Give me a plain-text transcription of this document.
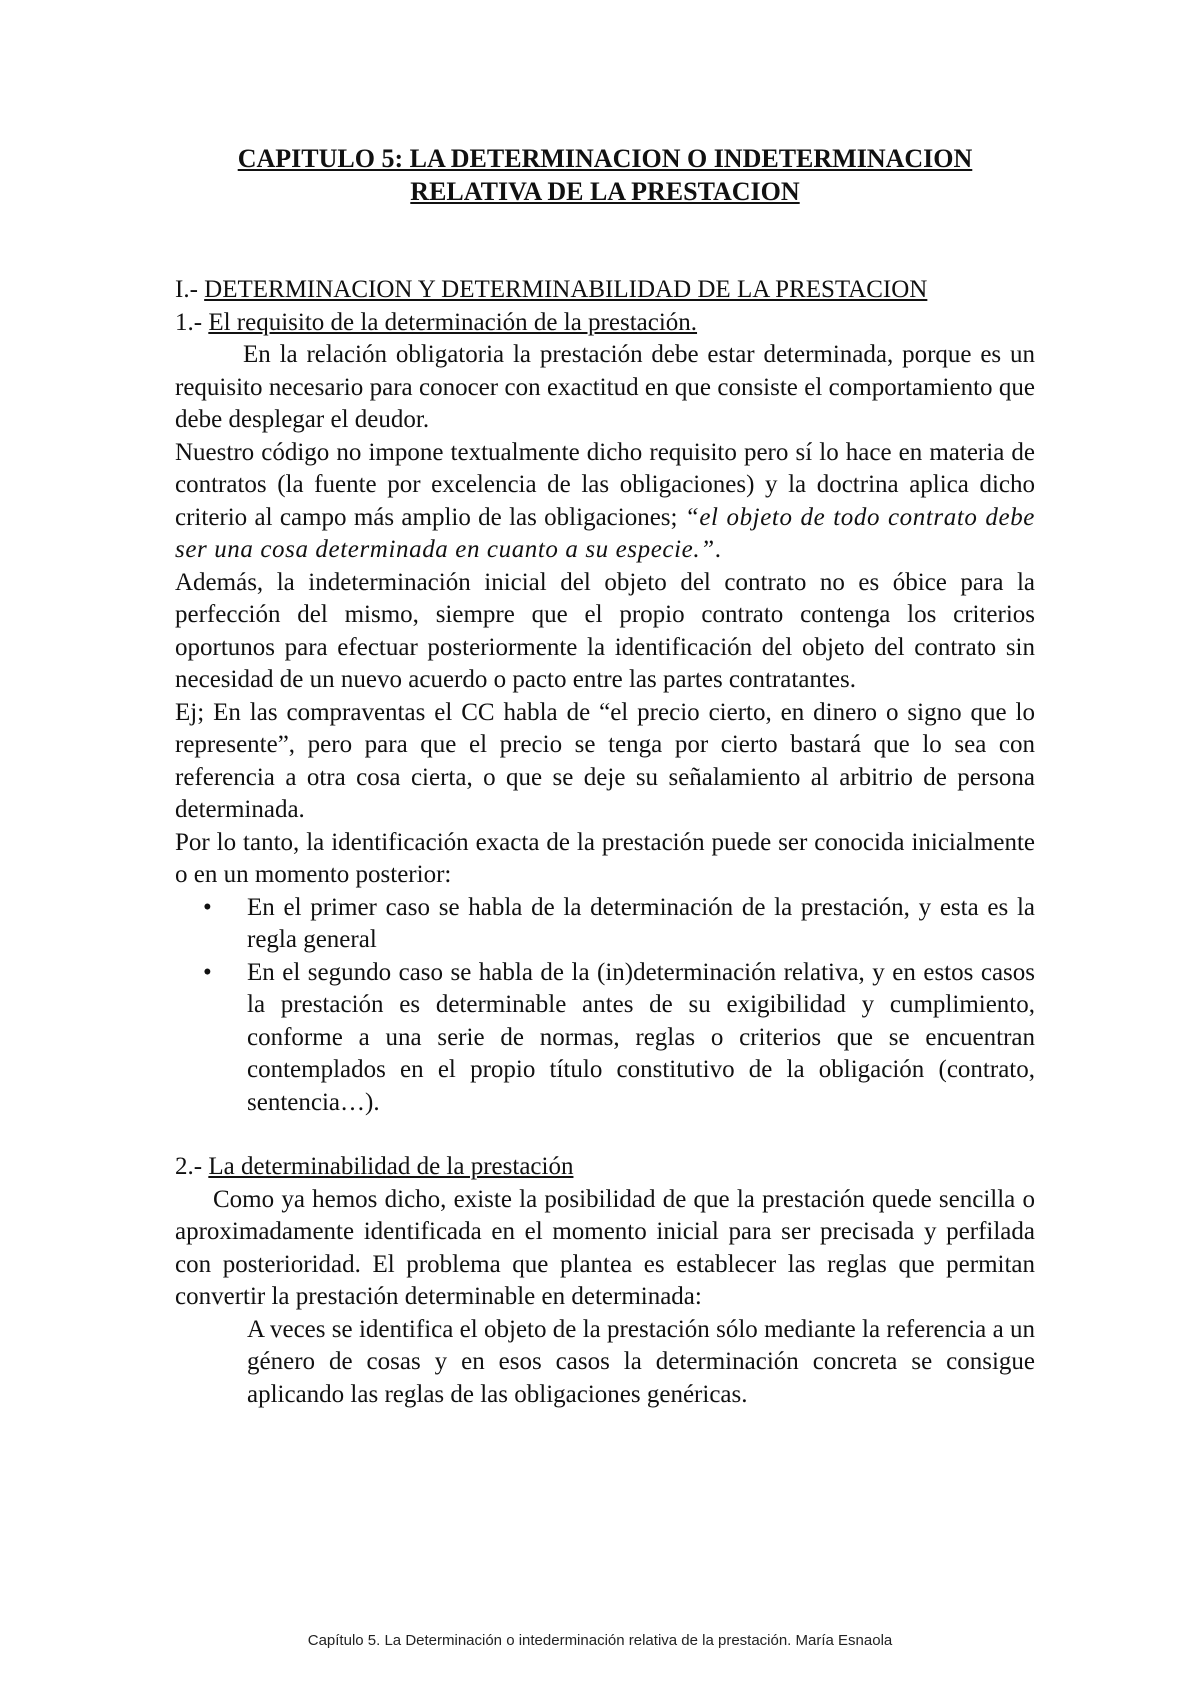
CAPITULO 5: LA DETERMINACION O INDETERMINACION
RELATIVA DE LA PRESTACION
I.- DETERMINACION Y DETERMINABILIDAD DE LA PRESTACION
1.- El requisito de la determinación de la prestación.

En la relación obligatoria la prestación debe estar determinada, porque es un requisito necesario para conocer con exactitud en que consiste el comportamiento que debe desplegar el deudor.

Nuestro código no impone textualmente dicho requisito pero sí lo hace en materia de contratos (la fuente por excelencia de las obligaciones) y la doctrina aplica dicho criterio al campo más amplio de las obligaciones; “el objeto de todo contrato debe ser una cosa determinada en cuanto a su especie.”.

Además, la indeterminación inicial del objeto del contrato no es óbice para la perfección del mismo, siempre que el propio contrato contenga los criterios oportunos para efectuar posteriormente la identificación del objeto del contrato sin necesidad de un nuevo acuerdo o pacto entre las partes contratantes.

Ej; En las compraventas el CC habla de “el precio cierto, en dinero o signo que lo represente”, pero para que el precio se tenga por cierto bastará que lo sea con referencia a otra cosa cierta, o que se deje su señalamiento al arbitrio de persona determinada.

Por lo tanto, la identificación exacta de la prestación puede ser conocida inicialmente o en un momento posterior:

• En el primer caso se habla de la determinación de la prestación, y esta es la regla general
• En el segundo caso se habla de la (in)determinación relativa, y en estos casos la prestación es determinable antes de su exigibilidad y cumplimiento, conforme a una serie de normas, reglas o criterios que se encuentran contemplados en el propio título constitutivo de la obligación (contrato, sentencia…).
2.- La determinabilidad de la prestación

Como ya hemos dicho, existe la posibilidad de que la prestación quede sencilla o aproximadamente identificada en el momento inicial para ser precisada y perfilada con posterioridad. El problema que plantea es establecer las reglas que permitan convertir la prestación determinable en determinada:

A veces se identifica el objeto de la prestación sólo mediante la referencia a un género de cosas y en esos casos la determinación concreta se consigue aplicando las reglas de las obligaciones genéricas.

Capítulo 5. La Determinación o intederminación relativa de la prestación. María Esnaola
